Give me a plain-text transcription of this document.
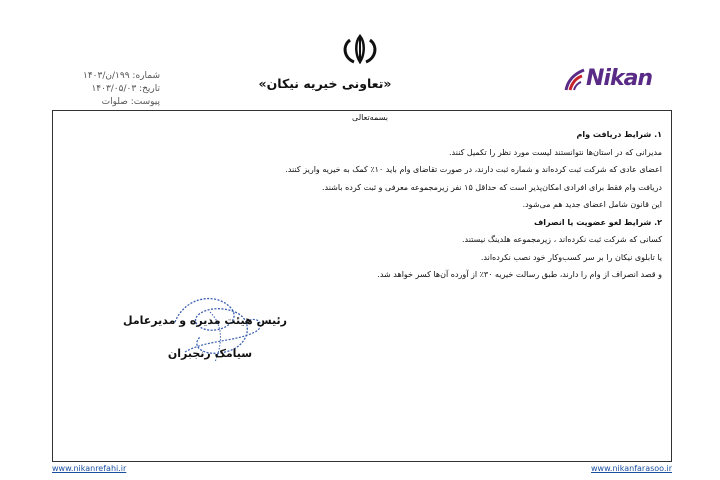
Nikan
«تعاونی خیریه نیکان»
شماره: ۱۹۹/ن/۱۴۰۳
تاریخ: ۱۴۰۳/۰۵/۰۳
پیوست: صلوات
بسمه‌تعالی
۱. شرایط دریافت وام
مدیرانی که در استان‌ها نتوانستند لیست مورد نظر را تکمیل کنند.
اعضای عادی که شرکت ثبت کرده‌اند و شماره ثبت دارند، در صورت تقاضای وام باید ۱۰٪ کمک به خیریه واریز کنند.
دریافت وام فقط برای افرادی امکان‌پذیر است که حداقل ۱۵ نفر زیرمجموعه معرفی و ثبت کرده باشند.
این قانون شامل اعضای جدید هم می‌شود.
۲. شرایط لغو عضویت یا انصراف
کسانی که شرکت ثبت نکرده‌اند ، زیرمجموعه هلدینگ نیستند.
یا تابلوی نیکان را بر سر کسب‌وکار خود نصب نکرده‌اند.
و قصد انصراف از وام را دارند، طبق رسالت خیریه ۳۰٪ از آورده آن‌ها کسر خواهد شد.
رئیس هیئت مدیره و مدیرعامل
سیامک رنجبران
www.nikanrefahi.ir	www.nikanfarasoo.ir
